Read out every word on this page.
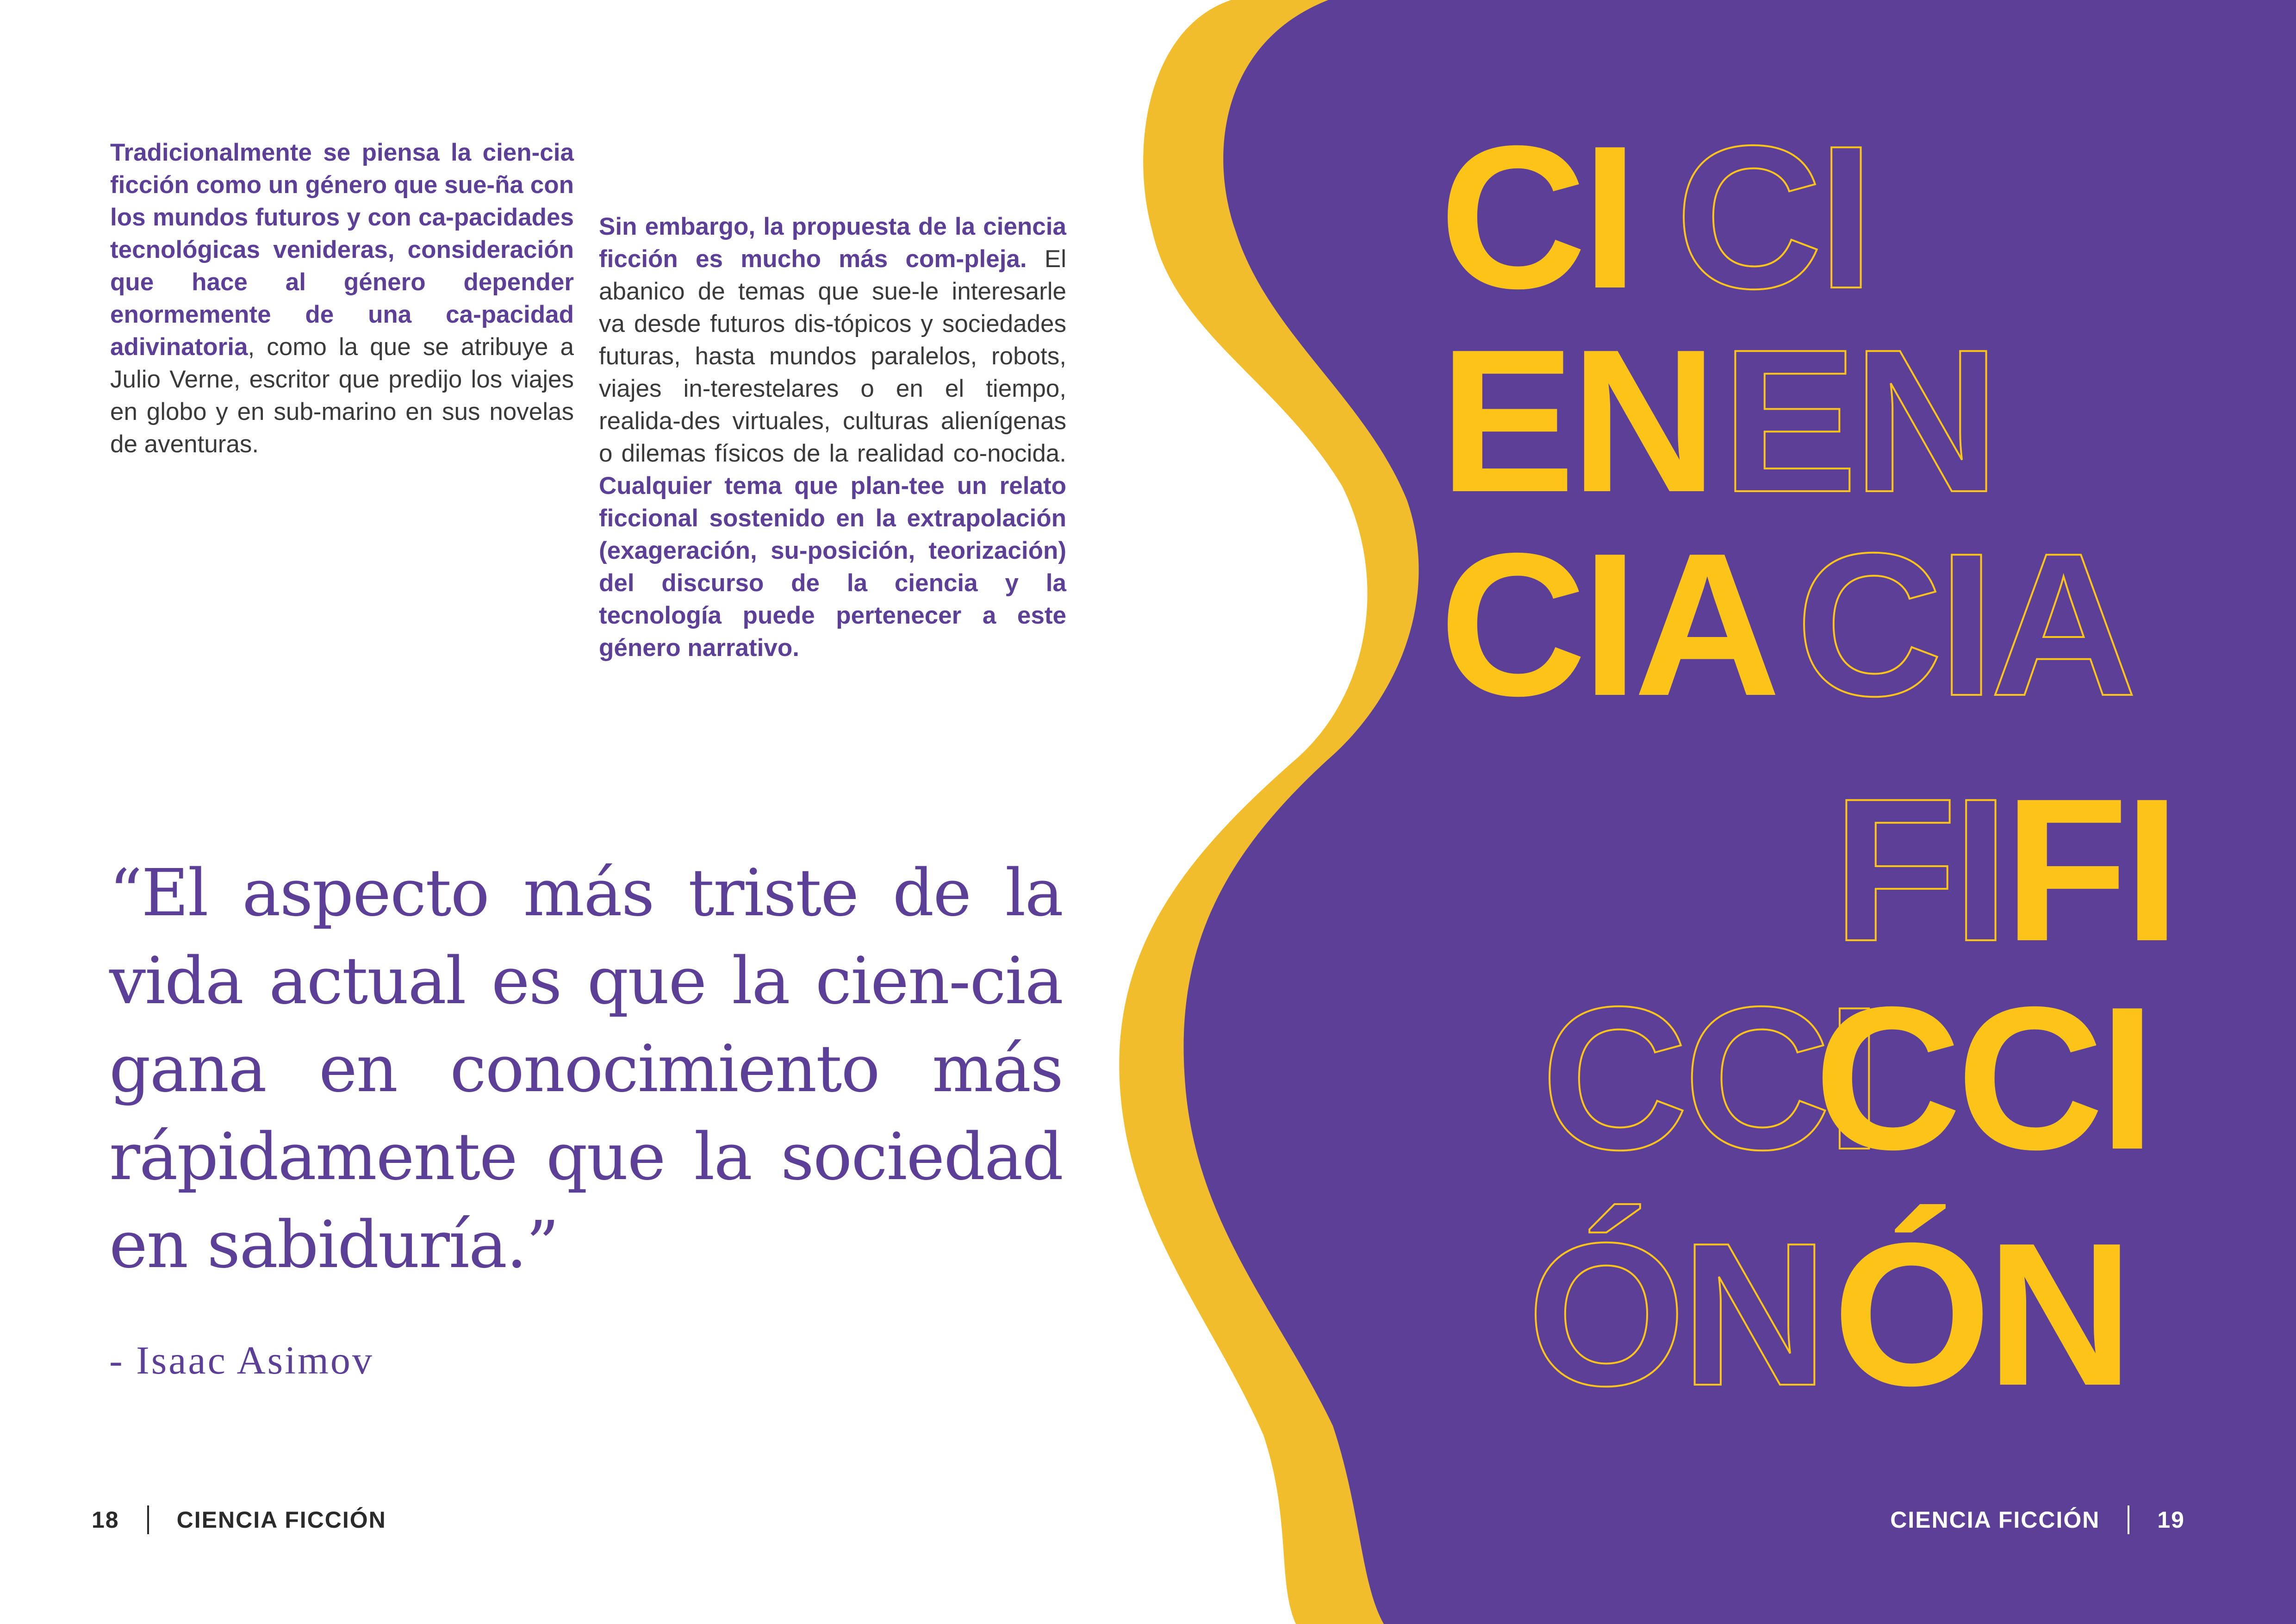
Tradicionalmente se piensa la cien-cia ficción como un género que sue-ña con los mundos futuros y con ca-pacidades tecnológicas venideras, consideración que hace al género depender enormemente de una ca-pacidad adivinatoria, como la que se atribuye a Julio Verne, escritor que predijo los viajes en globo y en sub-marino en sus novelas de aventuras.

Sin embargo, la propuesta de la ciencia ficción es mucho más com-pleja. El abanico de temas que sue-le interesarle va desde futuros dis-tópicos y sociedades futuras, hasta mundos paralelos, robots, viajes in-terestelares o en el tiempo, realida-des virtuales, culturas alienígenas o dilemas físicos de la realidad co-nocida. Cualquier tema que plan-tee un relato ficcional sostenido en la extrapolación (exageración, su-posición, teorización) del discurso de la ciencia y la tecnología puede pertenecer a este género narrativo.

“El aspecto más triste de la vida actual es que la cien-cia gana en conocimiento más rápidamente que la sociedad en sabiduría.”

- Isaac Asimov

CI CI
EN EN
CIA CIA
FI
FI
CCI
CCI
ÓN ÓN
18 CIENCIA FICCIÓN	CIENCIA FICCIÓN 19
